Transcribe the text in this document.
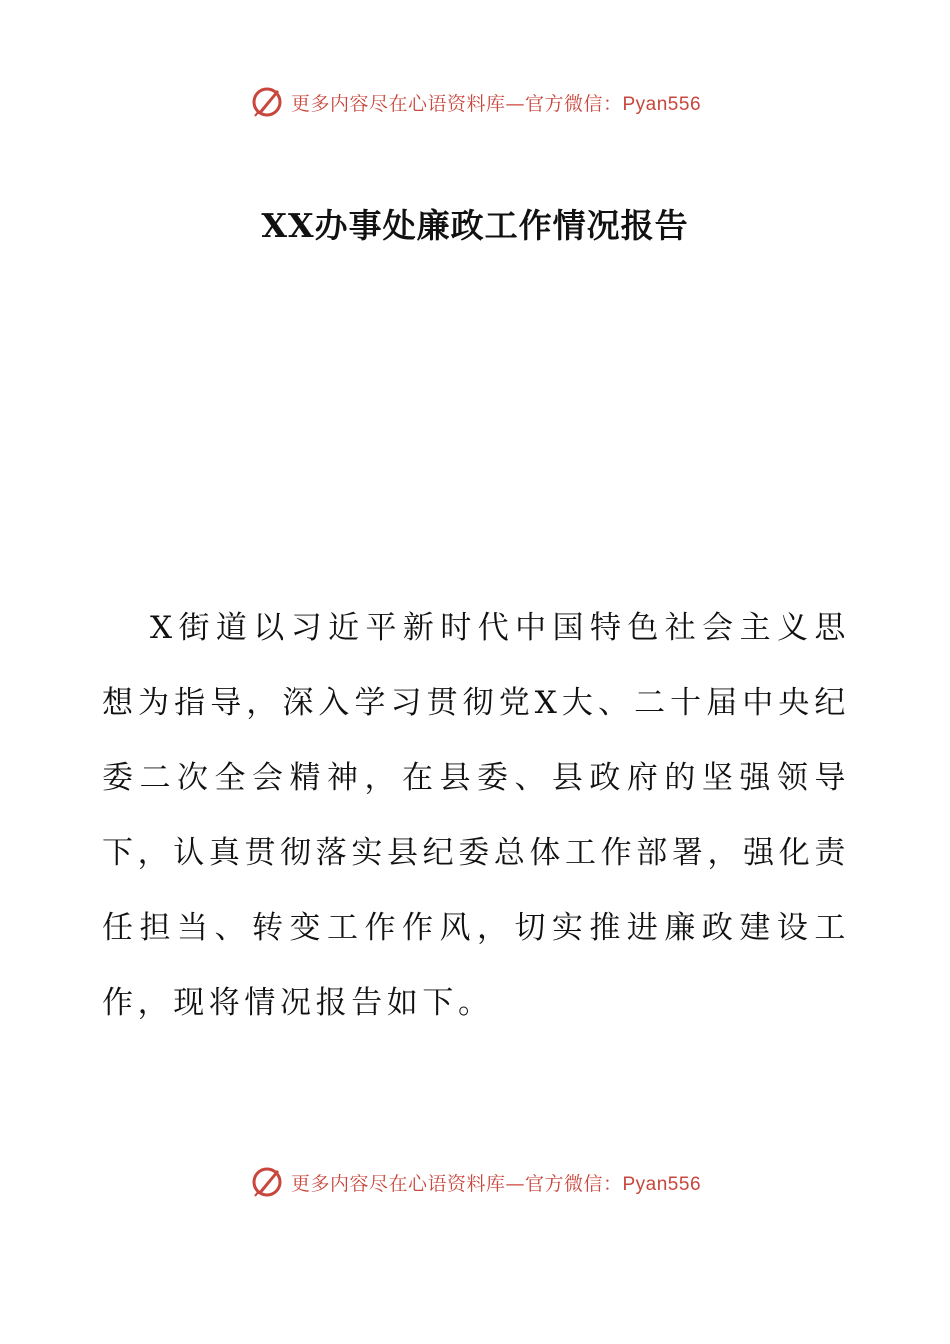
更多内容尽在心语资料库—官方微信：Pyan556
XX办事处廉政工作情况报告

X街道以习近平新时代中国特色社会主义思想为指导，深入学习贯彻党X大、二十届中央纪委二次全会精神，在县委、县政府的坚强领导下，认真贯彻落实县纪委总体工作部署，强化责任担当、转变工作作风，切实推进廉政建设工作，现将情况报告如下。

更多内容尽在心语资料库—官方微信：Pyan556
